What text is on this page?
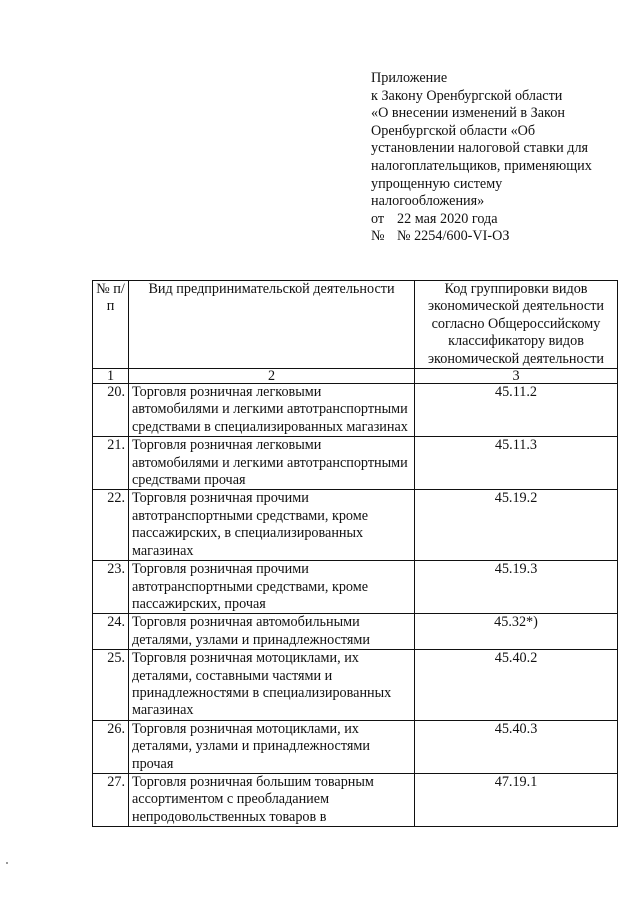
Приложение
к Закону Оренбургской области
«О внесении изменений в Закон
Оренбургской области «Об
установлении налоговой ставки для
налогоплательщиков, применяющих
упрощенную систему
налогообложения»
от 22 мая 2020 года
№ № 2254/600-VI-ОЗ
№ п/п	Вид предпринимательской деятельности	Код группировки видов экономической деятельности согласно Общероссийскому классификатору видов экономической деятельности
1	2	3
20.	Торговля розничная легковыми автомобилями и легкими автотранспортными средствами в специализированных магазинах	45.11.2
21.	Торговля розничная легковыми автомобилями и легкими автотранспортными средствами прочая	45.11.3
22.	Торговля розничная прочими автотранспортными средствами, кроме пассажирских, в специализированных магазинах	45.19.2
23.	Торговля розничная прочими автотранспортными средствами, кроме пассажирских, прочая	45.19.3
24.	Торговля розничная автомобильными деталями, узлами и принадлежностями	45.32*)
25.	Торговля розничная мотоциклами, их деталями, составными частями и принадлежностями в специализированных магазинах	45.40.2
26.	Торговля розничная мотоциклами, их деталями, узлами и принадлежностями прочая	45.40.3
27.	Торговля розничная большим товарным ассортиментом с преобладанием непродовольственных товаров в	47.19.1
